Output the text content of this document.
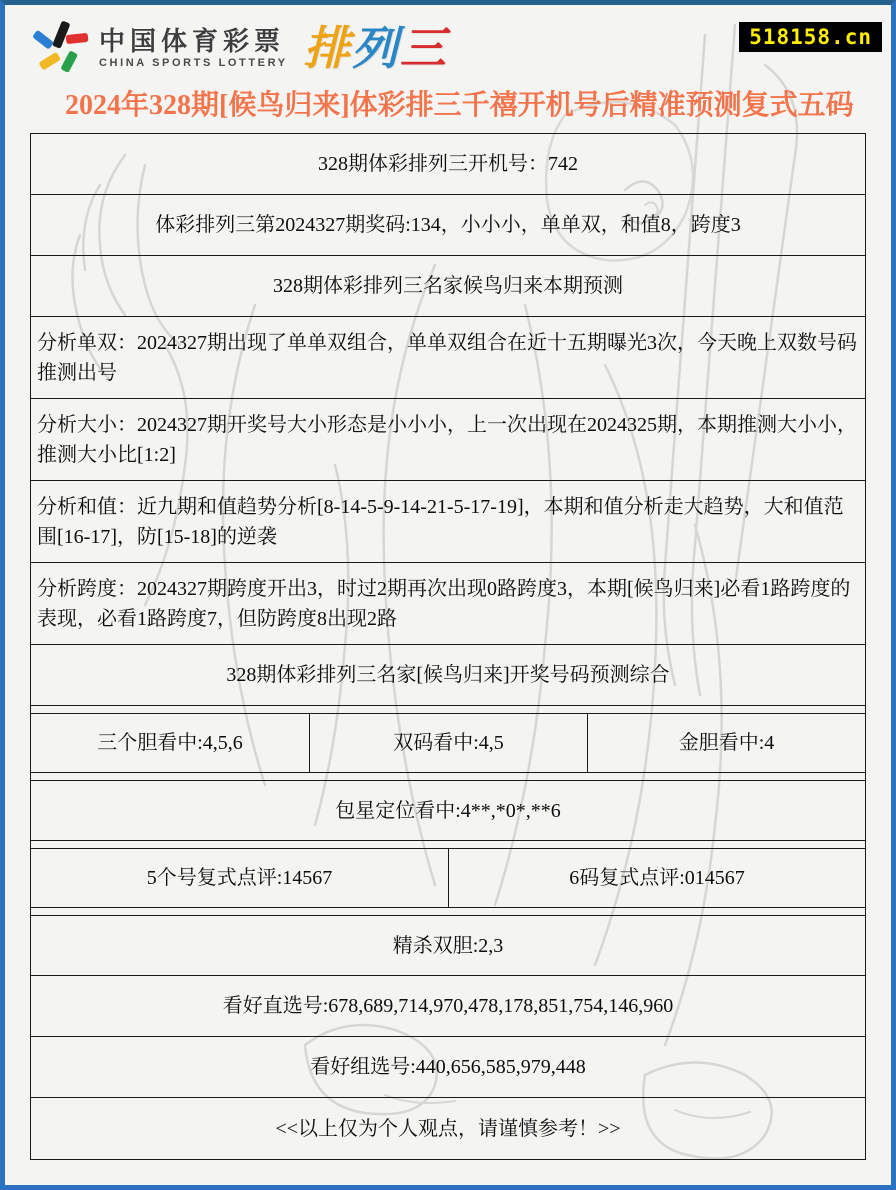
中国体育彩票
CHINA SPORTS LOTTERY 排 列 三	518158.cn
2024年328期[候鸟归来]体彩排三千禧开机号后精准预测复式五码
328期体彩排列三开机号：742
体彩排列三第2024327期奖码:134，小小小，单单双，和值8，跨度3
328期体彩排列三名家候鸟归来本期预测
分析单双：2024327期出现了单单双组合，单单双组合在近十五期曝光3次，今天晚上双数号码推测出号
分析大小：2024327期开奖号大小形态是小小小，上一次出现在2024325期，本期推测大小小，推测大小比[1:2]
分析和值：近九期和值趋势分析[8-14-5-9-14-21-5-17-19]，本期和值分析走大趋势，大和值范围[16-17]，防[15-18]的逆袭
分析跨度：2024327期跨度开出3，时过2期再次出现0路跨度3，本期[候鸟归来]必看1路跨度的表现，必看1路跨度7，但防跨度8出现2路
328期体彩排列三名家[候鸟归来]开奖号码预测综合
三个胆看中:4,5,6	双码看中:4,5	金胆看中:4
包星定位看中:4**,*0*,**6
5个号复式点评:14567	6码复式点评:014567
精杀双胆:2,3
看好直选号:678,689,714,970,478,178,851,754,146,960
看好组选号:440,656,585,979,448
<<以上仅为个人观点，请谨慎参考！>>
